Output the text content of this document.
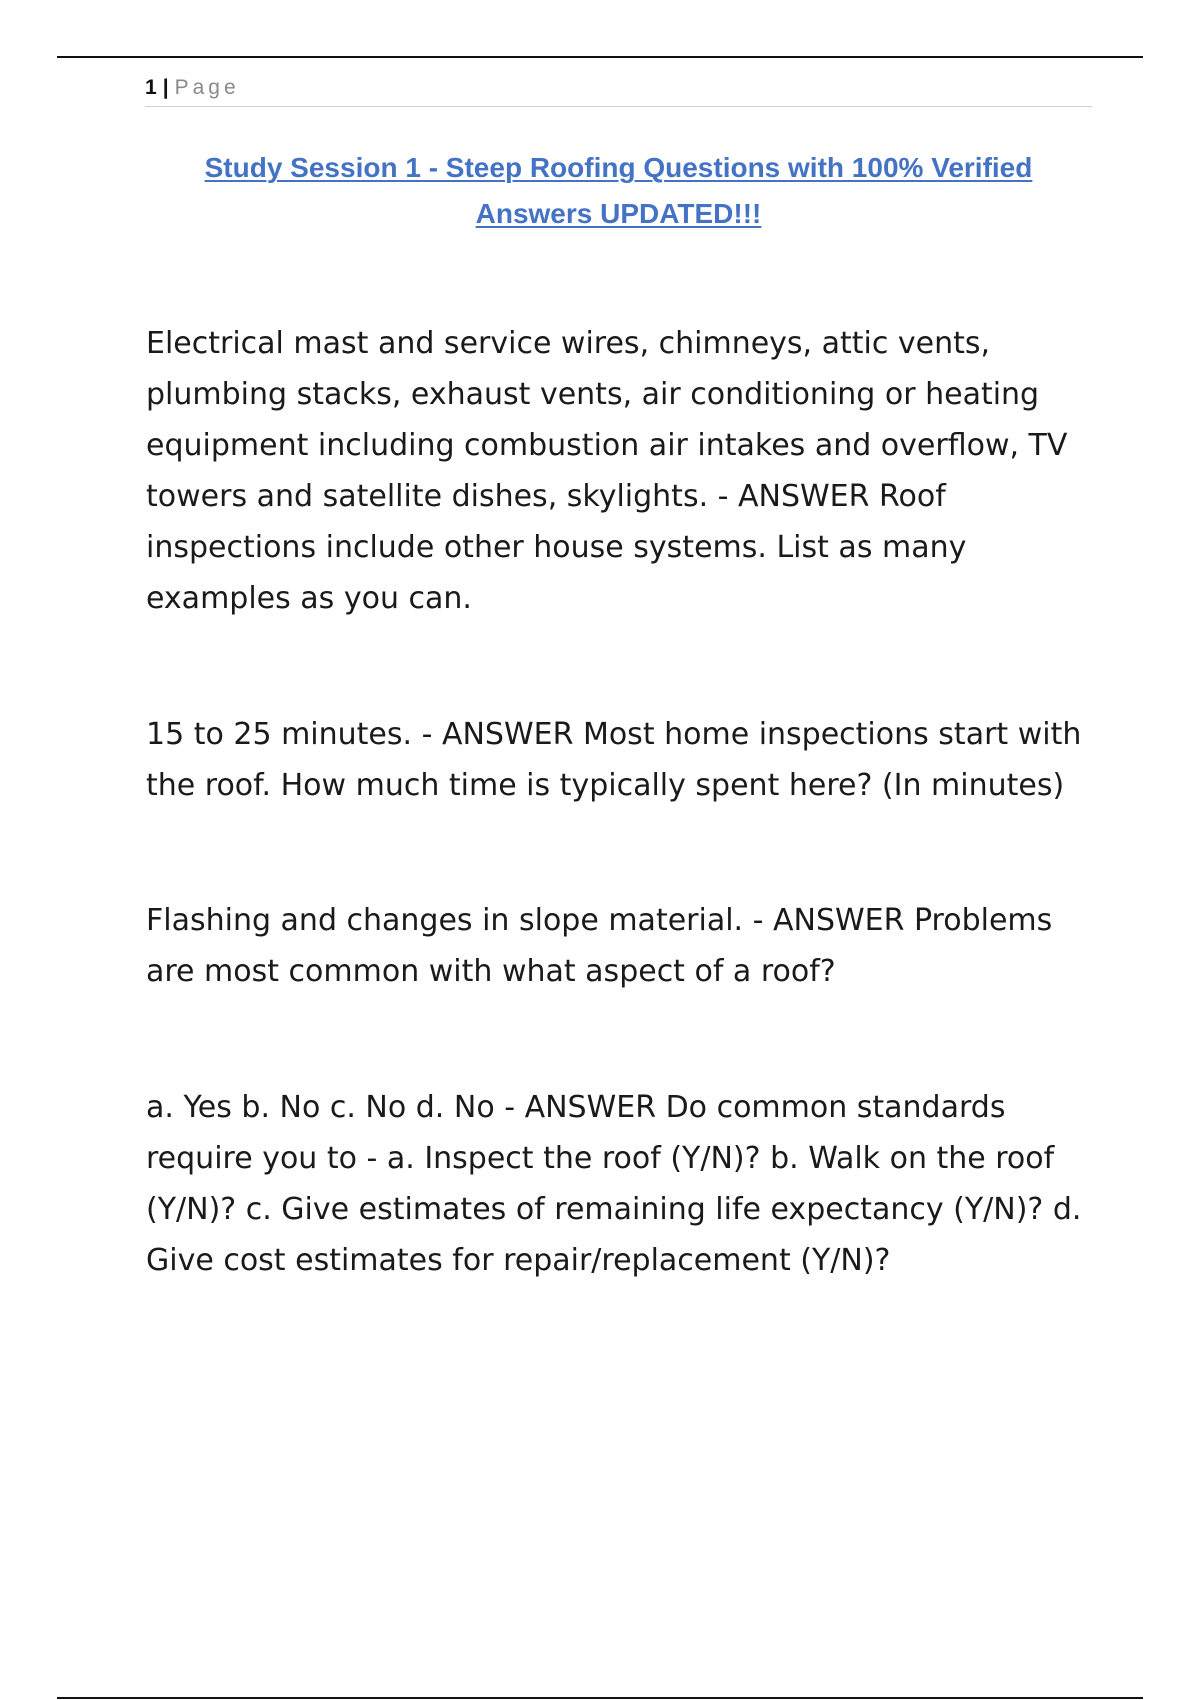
1 | Page
Study Session 1 - Steep Roofing Questions with 100% Verified Answers UPDATED!!!

Electrical mast and service wires, chimneys, attic vents, plumbing stacks, exhaust vents, air conditioning or heating equipment including combustion air intakes and overflow, TV towers and satellite dishes, skylights. - ANSWER Roof inspections include other house systems. List as many examples as you can.

15 to 25 minutes. - ANSWER Most home inspections start with the roof. How much time is typically spent here? (In minutes)

Flashing and changes in slope material. - ANSWER Problems are most common with what aspect of a roof?

a. Yes b. No c. No d. No - ANSWER Do common standards require you to - a. Inspect the roof (Y/N)? b. Walk on the roof (Y/N)? c. Give estimates of remaining life expectancy (Y/N)? d. Give cost estimates for repair/replacement (Y/N)?
